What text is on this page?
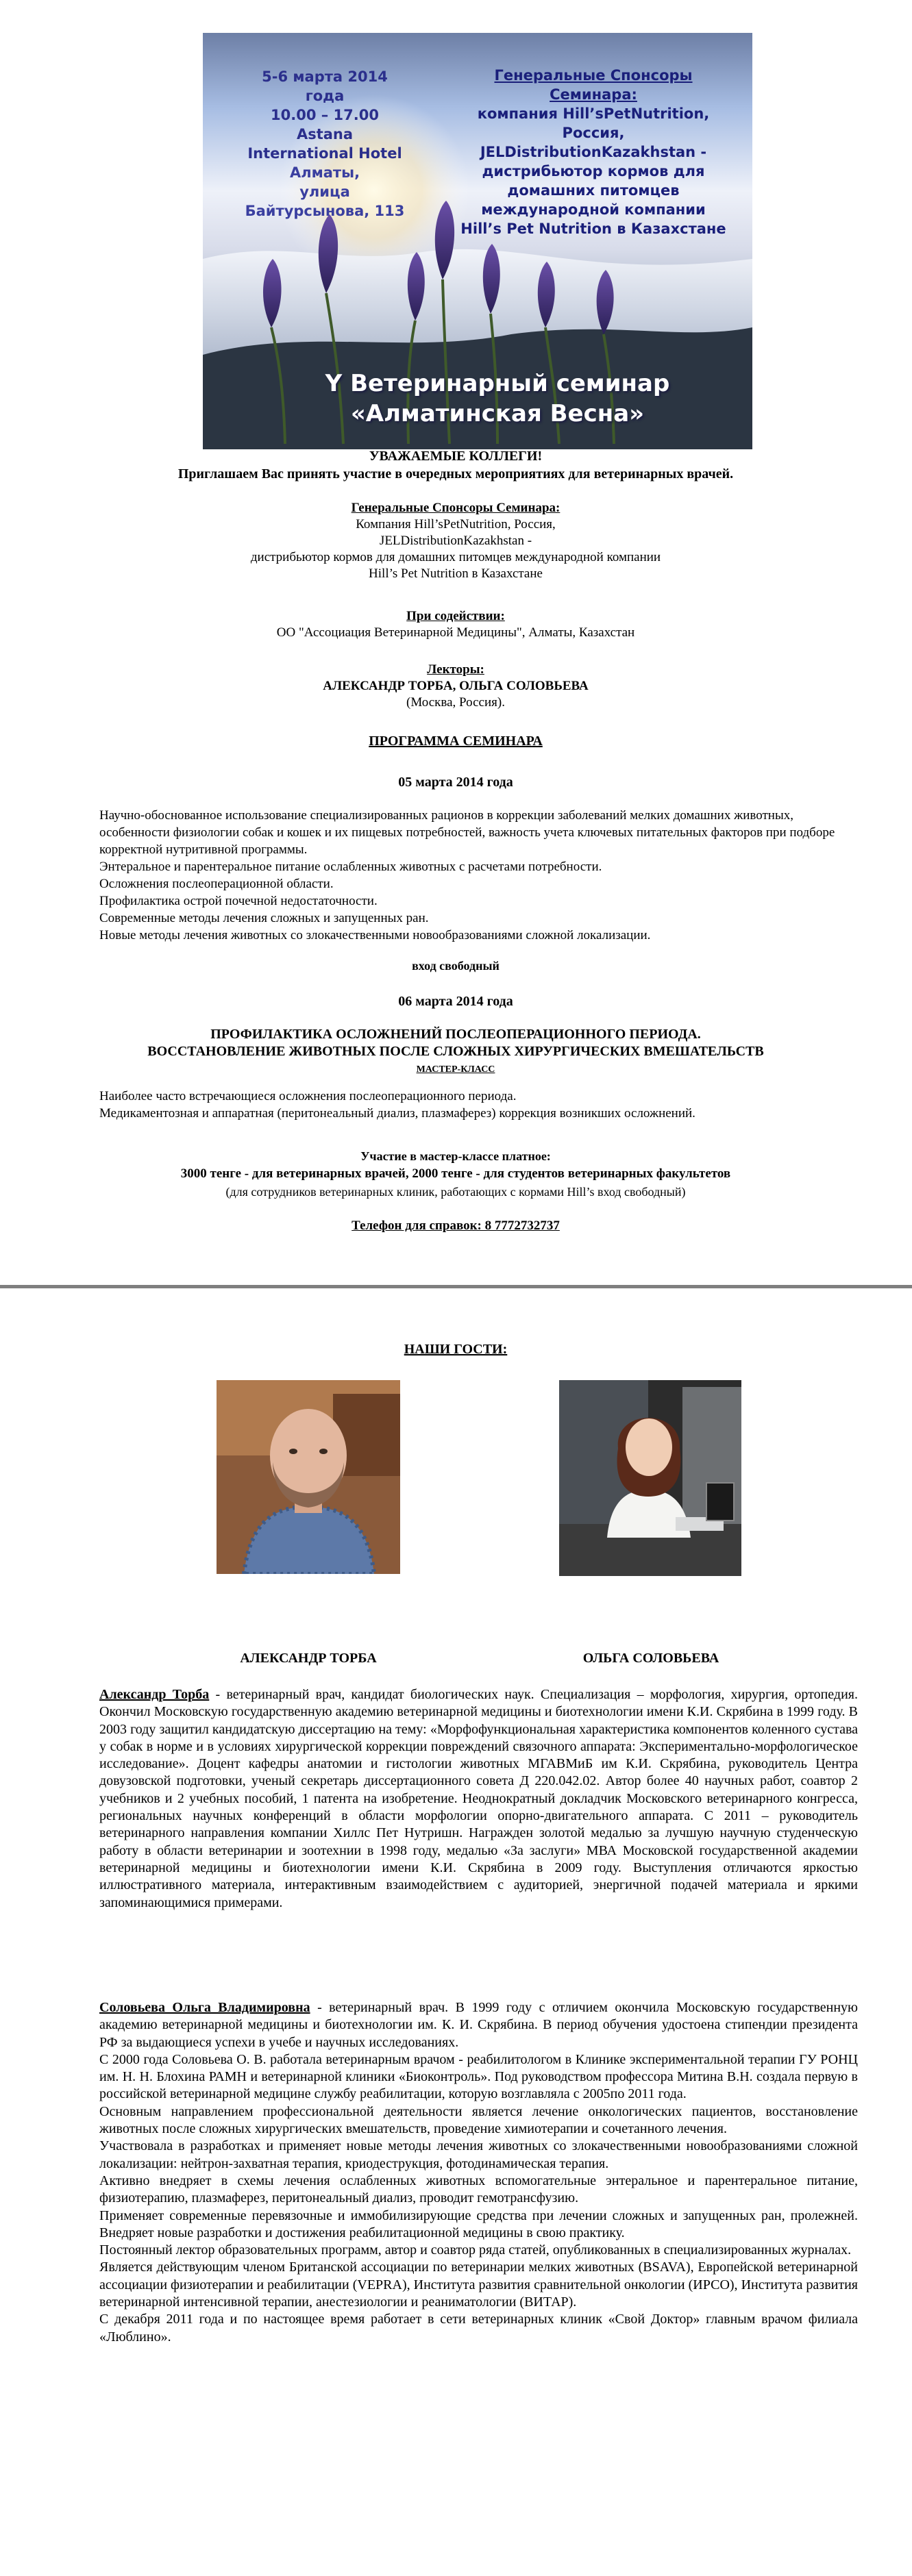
5-6 марта 2014 года
10.00 – 17.00
Astana International Hotel
Алматы,
улица Байтурсынова, 113
Генеральные Спонсоры Семинара:
компания Hill’sPetNutrition, Россия,
JELDistributionKazakhstan -
дистрибьютор кормов для
домашних питомцев
международной компании
Hill’s Pet Nutrition в Казахстане
Y Ветеринарный семинар
«Алматинская Весна»
УВАЖАЕМЫЕ КОЛЛЕГИ!
Приглашаем Вас принять участие в очередных мероприятиях для ветеринарных врачей.
Генеральные Спонсоры Семинара:
Компания Hill’sPetNutrition, Россия,
JELDistributionKazakhstan -
дистрибьютор кормов для домашних питомцев международной компании
Hill’s Pet Nutrition в Казахстане
При содействии:
ОО "Ассоциация Ветеринарной Медицины", Алматы, Казахстан
Лекторы:
АЛЕКСАНДР ТОРБА, ОЛЬГА СОЛОВЬЕВА
(Москва, Россия).
ПРОГРАММА СЕМИНАРА
05 марта 2014 года
Научно-обоснованное использование специализированных рационов в коррекции заболеваний мелких домашних животных, особенности физиологии собак и кошек и их пищевых потребностей, важность учета ключевых питательных факторов при подборе корректной нутритивной программы.
Энтеральное и парентеральное питание ослабленных животных с расчетами потребности.
Осложнения послеоперационной области.
Профилактика острой почечной недостаточности.
Современные методы лечения сложных и запущенных ран.
Новые методы лечения животных со злокачественными новообразованиями сложной локализации.
вход свободный
06 марта 2014 года
ПРОФИЛАКТИКА ОСЛОЖНЕНИЙ ПОСЛЕОПЕРАЦИОННОГО ПЕРИОДА.
ВОССТАНОВЛЕНИЕ ЖИВОТНЫХ ПОСЛЕ СЛОЖНЫХ ХИРУРГИЧЕСКИХ ВМЕШАТЕЛЬСТВ
МАСТЕР-КЛАСС
Наиболее часто встречающиеся осложнения послеоперационного периода.
Медикаментозная и аппаратная (перитонеальный диализ, плазмаферез) коррекция возникших осложнений.
Участие в мастер-классе платное:
3000 тенге - для ветеринарных врачей, 2000 тенге - для студентов ветеринарных факультетов
(для сотрудников ветеринарных клиник, работающих с кормами Hill’s вход свободный)
Телефон для справок: 8 7772732737
НАШИ ГОСТИ:
АЛЕКСАНДР ТОРБА	ОЛЬГА СОЛОВЬЕВА

Александр Торба - ветеринарный врач, кандидат биологических наук. Специализация – морфология, хирургия, ортопедия. Окончил Московскую государственную академию ветеринарной медицины и биотехнологии имени К.И. Скрябина в 1999 году. В 2003 году защитил кандидатскую диссертацию на тему: «Морфофункциональная характеристика компонентов коленного сустава у собак в норме и в условиях хирургической коррекции повреждений связочного аппарата: Экспериментально-морфологическое исследование». Доцент кафедры анатомии и гистологии животных МГАВМиБ им К.И. Скрябина, руководитель Центра довузовской подготовки, ученый секретарь диссертационного совета Д 220.042.02. Автор более 40 научных работ, соавтор 2 учебников и 2 учебных пособий, 1 патента на изобретение. Неоднократный докладчик Московского ветеринарного конгресса, региональных научных конференций в области морфологии опорно-двигательного аппарата. С 2011 – руководитель ветеринарного направления компании Хиллс Пет Нутришн. Награжден золотой медалью за лучшую научную студенческую работу в области ветеринарии и зоотехнии в 1998 году, медалью «За заслуги» МВА Московской государственной академии ветеринарной медицины и биотехнологии имени К.И. Скрябина в 2009 году. Выступления отличаются яркостью иллюстративного материала, интерактивным взаимодействием с аудиторией, энергичной подачей материала и яркими запоминающимися примерами.

Соловьева Ольга Владимировна - ветеринарный врач. В 1999 году с отличием окончила Московскую государственную академию ветеринарной медицины и биотехнологии им. К. И. Скрябина. В период обучения удостоена стипендии президента РФ за выдающиеся успехи в учебе и научных исследованиях.

С 2000 года Соловьева О. В. работала ветеринарным врачом - реабилитологом в Клинике экспериментальной терапии ГУ РОНЦ им. Н. Н. Блохина РАМН и ветеринарной клиники «Биоконтроль». Под руководством профессора Митина В.Н. создала первую в российской ветеринарной медицине службу реабилитации, которую возглавляла с 2005по 2011 года.

Основным направлением профессиональной деятельности является лечение онкологических пациентов, восстановление животных после сложных хирургических вмешательств, проведение химиотерапии и сочетанного лечения.

Участвовала в разработках и применяет новые методы лечения животных со злокачественными новообразованиями сложной локализации: нейтрон-захватная терапия, криодеструкция, фотодинамическая терапия.

Активно внедряет в схемы лечения ослабленных животных вспомогательные энтеральное и парентеральное питание, физиотерапию, плазмаферез, перитонеальный диализ, проводит гемотрансфузию.

Применяет современные перевязочные и иммобилизирующие средства при лечении сложных и запущенных ран, пролежней. Внедряет новые разработки и достижения реабилитационной медицины в свою практику.

Постоянный лектор образовательных программ, автор и соавтор ряда статей, опубликованных в специализированных журналах.

Является действующим членом Британской ассоциации по ветеринарии мелких животных (BSAVA), Европейской ветеринарной ассоциации физиотерапии и реабилитации (VEPRA), Института развития сравнительной онкологии (ИРСО), Института развития ветеринарной интенсивной терапии, анестезиологии и реаниматологии (ВИТАР).

С декабря 2011 года и по настоящее время работает в сети ветеринарных клиник «Свой Доктор» главным врачом филиала «Люблино».
